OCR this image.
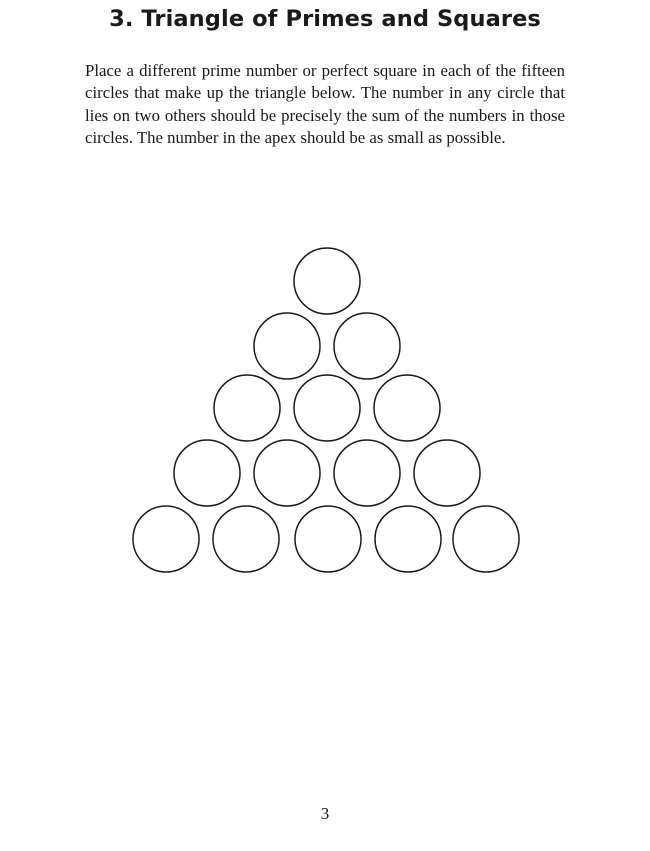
3. Triangle of Primes and Squares

Place a different prime number or perfect square in each of the fifteen circles that make up the triangle below. The number in any circle that lies on two others should be precisely the sum of the numbers in those circles. The number in the apex should be as small as possible.

3
